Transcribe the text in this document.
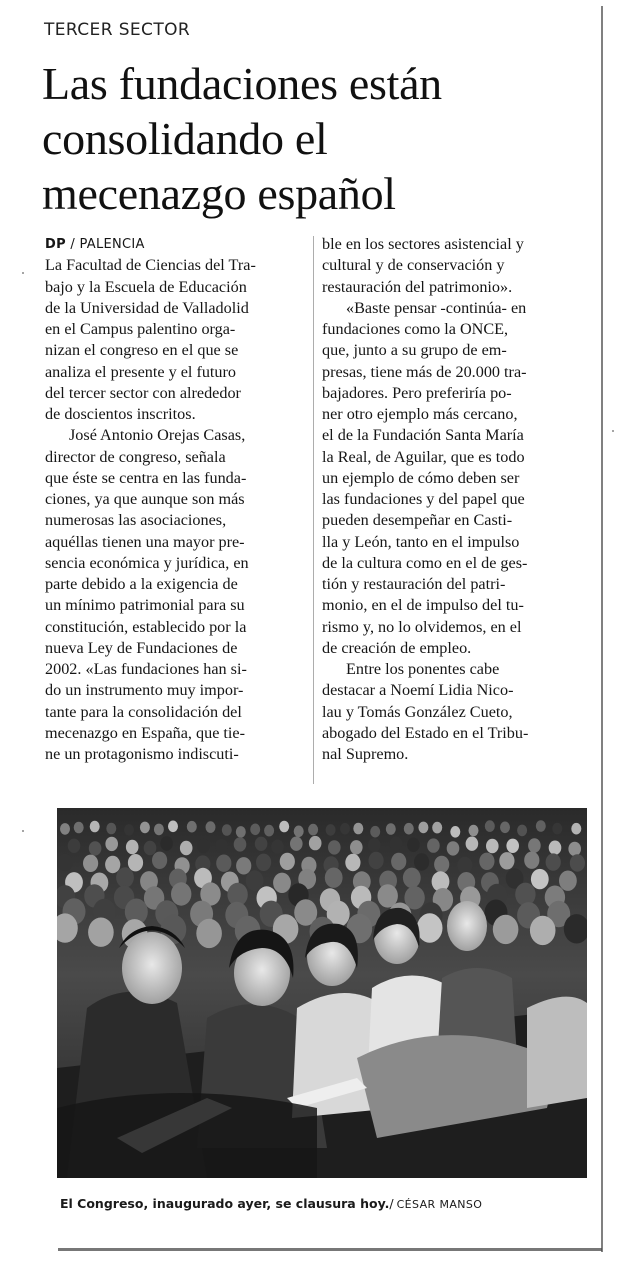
TERCER SECTOR
Las fundaciones están
consolidando el
mecenazgo español
DP / PALENCIA
La Facultad de Ciencias del Tra-
bajo y la Escuela de Educación
de la Universidad de Valladolid
en el Campus palentino orga-
nizan el congreso en el que se
analiza el presente y el futuro
del tercer sector con alrededor
de doscientos inscritos.
José Antonio Orejas Casas,
director de congreso, señala
que éste se centra en las funda-
ciones, ya que aunque son más
numerosas las asociaciones,
aquéllas tienen una mayor pre-
sencia económica y jurídica, en
parte debido a la exigencia de
un mínimo patrimonial para su
constitución, establecido por la
nueva Ley de Fundaciones de
2002. «Las fundaciones han si-
do un instrumento muy impor-
tante para la consolidación del
mecenazgo en España, que tie-
ne un protagonismo indiscuti-
ble en los sectores asistencial y
cultural y de conservación y
restauración del patrimonio».
«Baste pensar -continúa- en
fundaciones como la ONCE,
que, junto a su grupo de em-
presas, tiene más de 20.000 tra-
bajadores. Pero preferiría po-
ner otro ejemplo más cercano,
el de la Fundación Santa María
la Real, de Aguilar, que es todo
un ejemplo de cómo deben ser
las fundaciones y del papel que
pueden desempeñar en Casti-
lla y León, tanto en el impulso
de la cultura como en el de ges-
tión y restauración del patri-
monio, en el de impulso del tu-
rismo y, no lo olvidemos, en el
de creación de empleo.
Entre los ponentes cabe
destacar a Noemí Lidia Nico-
lau y Tomás González Cueto,
abogado del Estado en el Tribu-
nal Supremo.
El Congreso, inaugurado ayer, se clausura hoy./ CÉSAR MANSO
